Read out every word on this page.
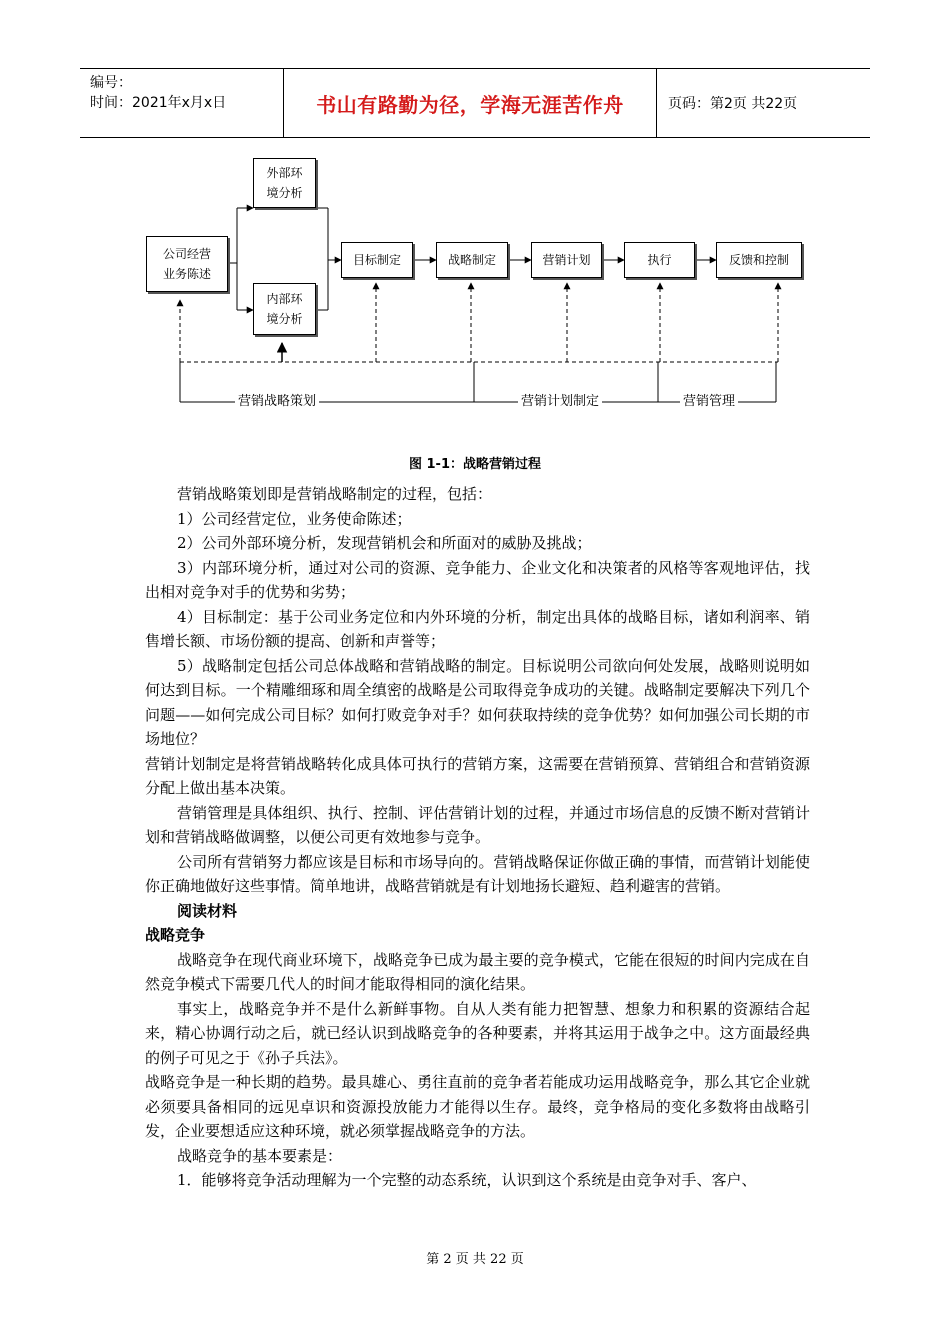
编号：
时间：2021年x月x日	书山有路勤为径，学海无涯苦作舟	页码：第2页 共22页
公司经营
业务陈述
外部环
境分析
内部环
境分析
目标制定	战略制定	营销计划	执行	反馈和控制
营销战略策划	营销计划制定	营销管理
图 1-1：战略营销过程

营销战略策划即是营销战略制定的过程，包括：

1）公司经营定位，业务使命陈述；

2）公司外部环境分析，发现营销机会和所面对的威胁及挑战；

3）内部环境分析，通过对公司的资源、竞争能力、企业文化和决策者的风格等客观地评估，找出相对竞争对手的优势和劣势；

4）目标制定：基于公司业务定位和内外环境的分析，制定出具体的战略目标，诸如利润率、销售增长额、市场份额的提高、创新和声誉等；

5）战略制定包括公司总体战略和营销战略的制定。目标说明公司欲向何处发展，战略则说明如何达到目标。一个精雕细琢和周全缜密的战略是公司取得竞争成功的关键。战略制定要解决下列几个问题——如何完成公司目标？如何打败竞争对手？如何获取持续的竞争优势？如何加强公司长期的市场地位？

营销计划制定是将营销战略转化成具体可执行的营销方案，这需要在营销预算、营销组合和营销资源分配上做出基本决策。

营销管理是具体组织、执行、控制、评估营销计划的过程，并通过市场信息的反馈不断对营销计划和营销战略做调整，以便公司更有效地参与竞争。

公司所有营销努力都应该是目标和市场导向的。营销战略保证你做正确的事情，而营销计划能使你正确地做好这些事情。简单地讲，战略营销就是有计划地扬长避短、趋利避害的营销。

阅读材料

战略竞争

战略竞争在现代商业环境下，战略竞争已成为最主要的竞争模式，它能在很短的时间内完成在自然竞争模式下需要几代人的时间才能取得相同的演化结果。

事实上，战略竞争并不是什么新鲜事物。自从人类有能力把智慧、想象力和积累的资源结合起来，精心协调行动之后，就已经认识到战略竞争的各种要素，并将其运用于战争之中。这方面最经典的例子可见之于《孙子兵法》。

战略竞争是一种长期的趋势。最具雄心、勇往直前的竞争者若能成功运用战略竞争，那么其它企业就必须要具备相同的远见卓识和资源投放能力才能得以生存。最终，竞争格局的变化多数将由战略引发，企业要想适应这种环境，就必须掌握战略竞争的方法。

战略竞争的基本要素是：

1．能够将竞争活动理解为一个完整的动态系统，认识到这个系统是由竞争对手、客户、

第 2 页 共 22 页
